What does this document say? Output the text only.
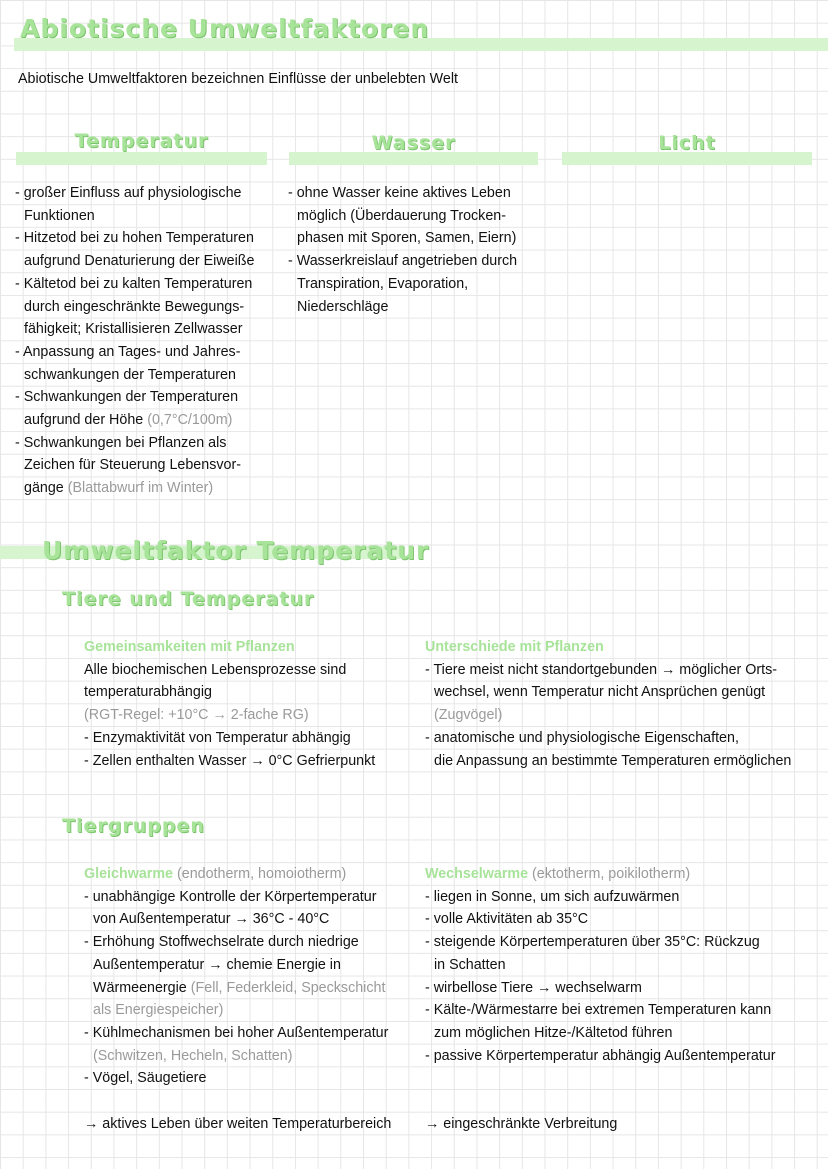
Abiotische Umweltfaktoren
Abiotische Umweltfaktoren bezeichnen Einflüsse der unbelebten Welt
Temperatur	Wasser	Licht
- großer Einfluss auf physiologische
Funktionen
- Hitzetod bei zu hohen Temperaturen
aufgrund Denaturierung der Eiweiße
- Kältetod bei zu kalten Temperaturen
durch eingeschränkte Bewegungs-
fähigkeit; Kristallisieren Zellwasser
- Anpassung an Tages- und Jahres-
schwankungen der Temperaturen
- Schwankungen der Temperaturen
aufgrund der Höhe (0,7°C/100m)
- Schwankungen bei Pflanzen als
Zeichen für Steuerung Lebensvor-
gänge (Blattabwurf im Winter)
- ohne Wasser keine aktives Leben
möglich (Überdauerung Trocken-
phasen mit Sporen, Samen, Eiern)
- Wasserkreislauf angetrieben durch
Transpiration, Evaporation,
Niederschläge
Umweltfaktor Temperatur
Tiere und Temperatur
Gemeinsamkeiten mit Pflanzen
Alle biochemischen Lebensprozesse sind
temperaturabhängig
(RGT-Regel: +10°C → 2-fache RG)
- Enzymaktivität von Temperatur abhängig
- Zellen enthalten Wasser → 0°C Gefrierpunkt
Unterschiede mit Pflanzen
- Tiere meist nicht standortgebunden → möglicher Orts-
wechsel, wenn Temperatur nicht Ansprüchen genügt
(Zugvögel)
- anatomische und physiologische Eigenschaften,
die Anpassung an bestimmte Temperaturen ermöglichen
Tiergruppen
Gleichwarme (endotherm, homoiotherm)
- unabhängige Kontrolle der Körpertemperatur
von Außentemperatur → 36°C - 40°C
- Erhöhung Stoffwechselrate durch niedrige
Außentemperatur → chemie Energie in
Wärmeenergie (Fell, Federkleid, Speckschicht
als Energiespeicher)
- Kühlmechanismen bei hoher Außentemperatur
(Schwitzen, Hecheln, Schatten)
- Vögel, Säugetiere
→ aktives Leben über weiten Temperaturbereich
Wechselwarme (ektotherm, poikilotherm)
- liegen in Sonne, um sich aufzuwärmen
- volle Aktivitäten ab 35°C
- steigende Körpertemperaturen über 35°C: Rückzug
in Schatten
- wirbellose Tiere → wechselwarm
- Kälte-/Wärmestarre bei extremen Temperaturen kann
zum möglichen Hitze-/Kältetod führen
- passive Körpertemperatur abhängig Außentemperatur
→ eingeschränkte Verbreitung
